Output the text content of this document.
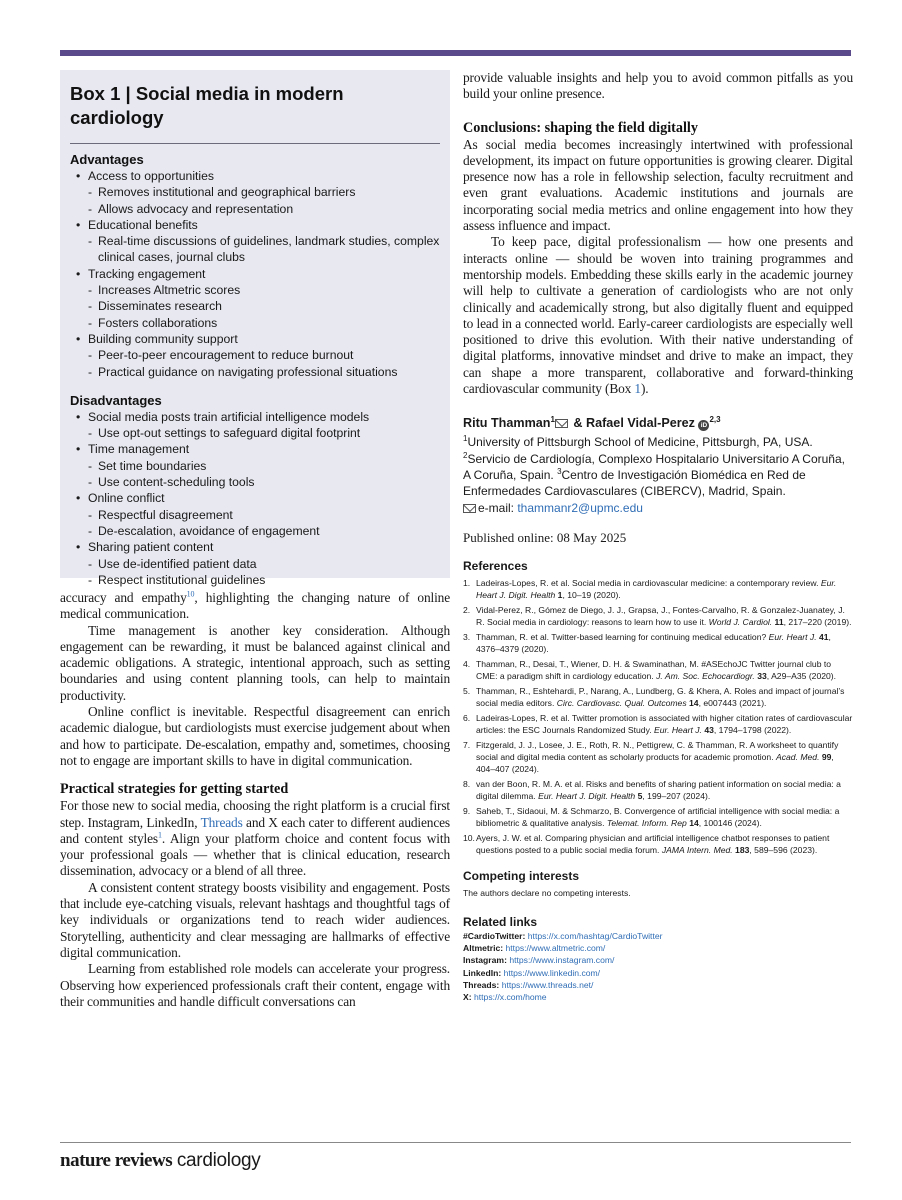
Box 1 | Social media in modern cardiology
Advantages
• Access to opportunities
- Removes institutional and geographical barriers
- Allows advocacy and representation
• Educational benefits
- Real-time discussions of guidelines, landmark studies, complex clinical cases, journal clubs
• Tracking engagement
- Increases Altmetric scores
- Disseminates research
- Fosters collaborations
• Building community support
- Peer-to-peer encouragement to reduce burnout
- Practical guidance on navigating professional situations
Disadvantages
• Social media posts train artificial intelligence models
- Use opt-out settings to safeguard digital footprint
• Time management
- Set time boundaries
- Use content-scheduling tools
• Online conflict
- Respectful disagreement
- De-escalation, avoidance of engagement
• Sharing patient content
- Use de-identified patient data
- Respect institutional guidelines

accuracy and empathy$^{10}$, highlighting the changing nature of online medical communication.

Time management is another key consideration. Although engagement can be rewarding, it must be balanced against clinical and academic obligations. A strategic, intentional approach, such as setting boundaries and using content planning tools, can help to maintain productivity.

Online conflict is inevitable. Respectful disagreement can enrich academic dialogue, but cardiologists must exercise judgement about when and how to participate. De-escalation, empathy and, sometimes, choosing not to engage are important skills to have in digital communication.

Practical strategies for getting started

For those new to social media, choosing the right platform is a crucial first step. Instagram, LinkedIn, Threads and X each cater to different audiences and content styles$^1$. Align your platform choice and content focus with your professional goals — whether that is clinical education, research dissemination, advocacy or a blend of all three.

A consistent content strategy boosts visibility and engagement. Posts that include eye-catching visuals, relevant hashtags and thoughtful tags of key individuals or organizations tend to reach wider audiences. Storytelling, authenticity and clear messaging are hallmarks of effective digital communication.

Learning from established role models can accelerate your progress. Observing how experienced professionals craft their content, engage with their communities and handle difficult conversations can

provide valuable insights and help you to avoid common pitfalls as you build your online presence.

Conclusions: shaping the field digitally

As social media becomes increasingly intertwined with professional development, its impact on future opportunities is growing clearer. Digital presence now has a role in fellowship selection, faculty recruitment and even grant evaluations. Academic institutions and journals are incorporating social media metrics and online engagement into how they assess influence and impact.

To keep pace, digital professionalism — how one presents and interacts online — should be woven into training programmes and mentorship models. Embedding these skills early in the academic journey will help to cultivate a generation of cardiologists who are not only clinically and academically strong, but also digitally fluent and equipped to lead in a connected world. Early-career cardiologists are especially well positioned to drive this evolution. With their native understanding of digital platforms, innovative mindset and drive to make an impact, they can shape a more transparent, collaborative and forward-thinking cardiovascular community (Box 1).

Ritu Thamman$^1$ & Rafael Vidal-Perez iD$^{2,3}$
$^1$University of Pittsburgh School of Medicine, Pittsburgh, PA, USA.
$^2$Servicio de Cardiología, Complexo Hospitalario Universitario A Coruña, A Coruña, Spain. $^3$Centro de Investigación Biomédica en Red de Enfermedades Cardiovasculares (CIBERCV), Madrid, Spain.
e-mail: thammanr2@upmc.edu
Published online: 08 May 2025
References
1. Ladeiras-Lopes, R. et al. Social media in cardiovascular medicine: a contemporary review. Eur. Heart J. Digit. Health 1, 10–19 (2020).
2. Vidal-Perez, R., Gómez de Diego, J. J., Grapsa, J., Fontes-Carvalho, R. & Gonzalez-Juanatey, J. R. Social media in cardiology: reasons to learn how to use it. World J. Cardiol. 11, 217–220 (2019).
3. Thamman, R. et al. Twitter-based learning for continuing medical education? Eur. Heart J. 41, 4376–4379 (2020).
4. Thamman, R., Desai, T., Wiener, D. H. & Swaminathan, M. #ASEchoJC Twitter journal club to CME: a paradigm shift in cardiology education. J. Am. Soc. Echocardiogr. 33, A29–A35 (2020).
5. Thamman, R., Eshtehardi, P., Narang, A., Lundberg, G. & Khera, A. Roles and impact of journal’s social media editors. Circ. Cardiovasc. Qual. Outcomes 14, e007443 (2021).
6. Ladeiras-Lopes, R. et al. Twitter promotion is associated with higher citation rates of cardiovascular articles: the ESC Journals Randomized Study. Eur. Heart J. 43, 1794–1798 (2022).
7. Fitzgerald, J. J., Losee, J. E., Roth, R. N., Pettigrew, C. & Thamman, R. A worksheet to quantify social and digital media content as scholarly products for academic promotion. Acad. Med. 99, 404–407 (2024).
8. van der Boon, R. M. A. et al. Risks and benefits of sharing patient information on social media: a digital dilemma. Eur. Heart J. Digit. Health 5, 199–207 (2024).
9. Saheb, T., Sidaoui, M. & Schmarzo, B. Convergence of artificial intelligence with social media: a bibliometric & qualitative analysis. Telemat. Inform. Rep 14, 100146 (2024).
10. Ayers, J. W. et al. Comparing physician and artificial intelligence chatbot responses to patient questions posted to a public social media forum. JAMA Intern. Med. 183, 589–596 (2023).
Competing interests
The authors declare no competing interests.
Related links
#CardioTwitter: https://x.com/hashtag/CardioTwitter
Altmetric: https://www.altmetric.com/
Instagram: https://www.instagram.com/
LinkedIn: https://www.linkedin.com/
Threads: https://www.threads.net/
X: https://x.com/home
nature reviews cardiology
